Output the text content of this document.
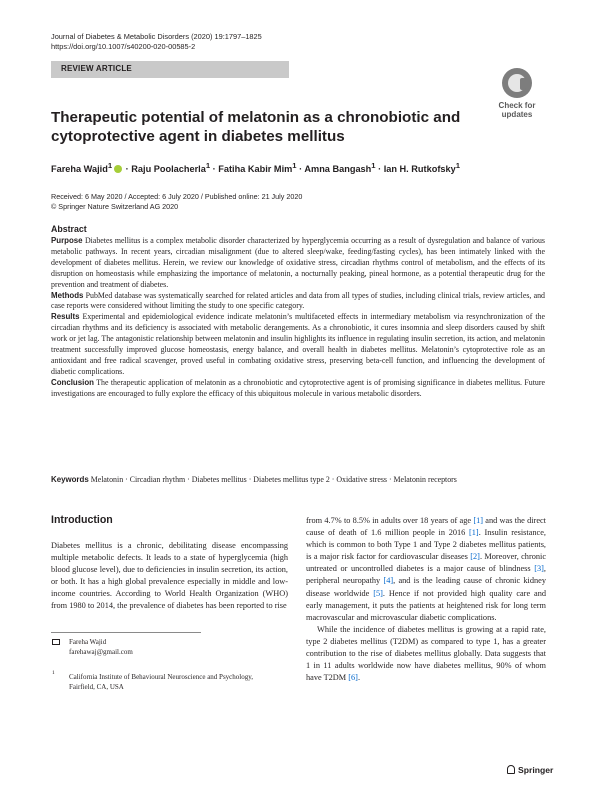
Journal of Diabetes & Metabolic Disorders (2020) 19:1797–1825
https://doi.org/10.1007/s40200-020-00585-2
REVIEW ARTICLE
Check for
updates
Therapeutic potential of melatonin as a chronobiotic and cytoprotective agent in diabetes mellitus
Fareha Wajid$^1$ · Raju Poolacherla$^1$ · Fatiha Kabir Mim$^1$ · Amna Bangash$^1$ · Ian H. Rutkofsky$^1$
Received: 6 May 2020 / Accepted: 6 July 2020 / Published online: 21 July 2020
© Springer Nature Switzerland AG 2020
Abstract

Purpose Diabetes mellitus is a complex metabolic disorder characterized by hyperglycemia occurring as a result of dysregulation and balance of various metabolic pathways. In recent years, circadian misalignment (due to altered sleep/wake, feeding/fasting cycles), has been intimately linked with the development of diabetes mellitus. Herein, we review our knowledge of oxidative stress, circadian rhythms control of metabolism, and the effects of its disruption on homeostasis while emphasizing the importance of melatonin, a nocturnally peaking, pineal hormone, as a potential therapeutic drug for the prevention and treatment of diabetes.

Methods PubMed database was systematically searched for related articles and data from all types of studies, including clinical trials, review articles, and case reports were considered without limiting the study to one specific category.

Results Experimental and epidemiological evidence indicate melatonin’s multifaceted effects in intermediary metabolism via resynchronization of the circadian rhythms and its deficiency is associated with metabolic derangements. As a chronobiotic, it cures insomnia and sleep disorders caused by shift work or jet lag. The antagonistic relationship between melatonin and insulin highlights its influence in regulating insulin secretion, its action, and melatonin treatment successfully improved glucose homeostasis, energy balance, and overall health in diabetes mellitus. Melatonin’s cytoprotective role as an antioxidant and free radical scavenger, proved useful in combating oxidative stress, preserving beta-cell function, and influencing the development of diabetic complications.

Conclusion The therapeutic application of melatonin as a chronobiotic and cytoprotective agent is of promising significance in diabetes mellitus. Future investigations are encouraged to fully explore the efficacy of this ubiquitous molecule in various metabolic disorders.

Keywords Melatonin · Circadian rhythm · Diabetes mellitus · Diabetes mellitus type 2 · Oxidative stress · Melatonin receptors
Introduction

Diabetes mellitus is a chronic, debilitating disease encompassing multiple metabolic defects. It leads to a state of hyperglycemia (high blood glucose level), due to deficiencies in insulin secretion, its action, or both. It has a high global prevalence especially in middle and low-income countries. According to World Health Organization (WHO) from 1980 to 2014, the prevalence of diabetes has been reported to rise

from 4.7% to 8.5% in adults over 18 years of age [1] and was the direct cause of death of 1.6 million people in 2016 [1]. Insulin resistance, which is common to both Type 1 and Type 2 diabetes mellitus patients, is a major risk factor for cardiovascular diseases [2]. Moreover, chronic untreated or uncontrolled diabetes is a major cause of blindness [3], peripheral neuropathy [4], and is the leading cause of chronic kidney disease worldwide [5]. Hence if not provided high quality care and early management, it puts the patients at heightened risk for long term macrovascular and microvascular diabetic complications.

While the incidence of diabetes mellitus is growing at a rapid rate, type 2 diabetes mellitus (T2DM) as compared to type 1, has a greater contribution to the rise of diabetes mellitus globally. Data suggests that 1 in 11 adults worldwide now have diabetes mellitus, 90% of whom have T2DM [6].

Fareha Wajid
farehawaj@gmail.com
1 California Institute of Behavioural Neuroscience and Psychology,
Fairfield, CA, USA
Springer
